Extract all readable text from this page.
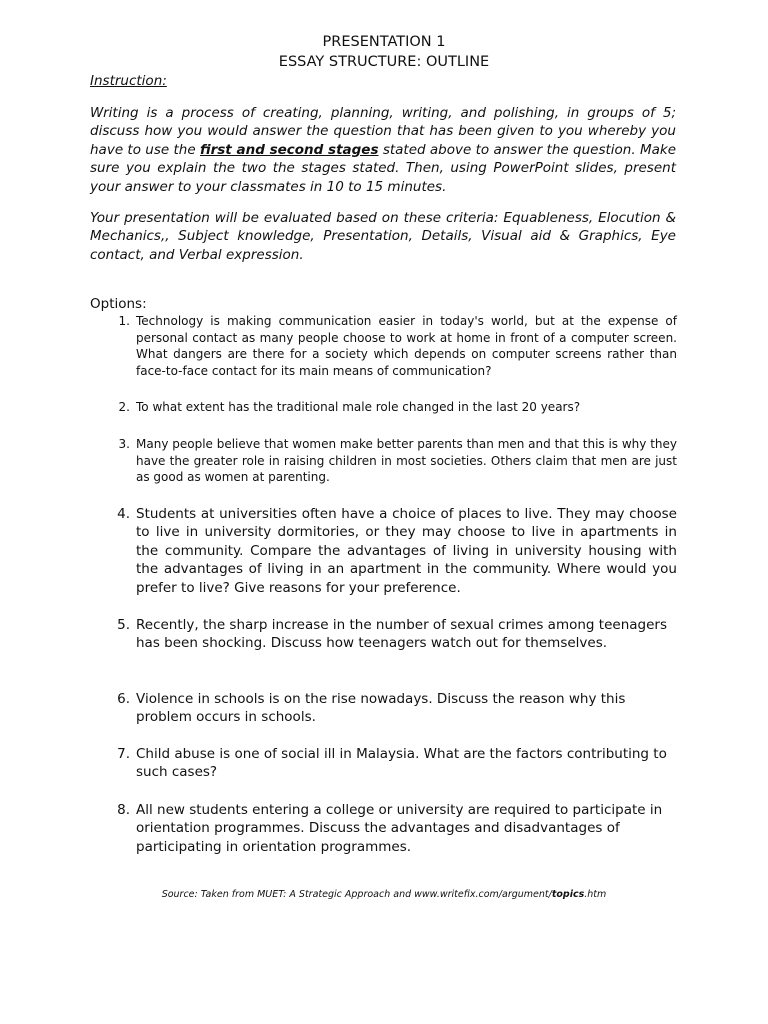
PRESENTATION 1
ESSAY STRUCTURE: OUTLINE
Instruction:

Writing is a process of creating, planning, writing, and polishing, in groups of 5; discuss how you would answer the question that has been given to you whereby you have to use the first and second stages stated above to answer the question. Make sure you explain the two the stages stated. Then, using PowerPoint slides, present your answer to your classmates in 10 to 15 minutes.

Your presentation will be evaluated based on these criteria: Equableness, Elocution & Mechanics,, Subject knowledge, Presentation, Details, Visual aid & Graphics, Eye contact, and Verbal expression.

Options:
1. Technology is making communication easier in today's world, but at the expense of personal contact as many people choose to work at home in front of a computer screen. What dangers are there for a society which depends on computer screens rather than face-to-face contact for its main means of communication?
2. To what extent has the traditional male role changed in the last 20 years?
3. Many people believe that women make better parents than men and that this is why they have the greater role in raising children in most societies. Others claim that men are just as good as women at parenting.
4. Students at universities often have a choice of places to live. They may choose to live in university dormitories, or they may choose to live in apartments in the community. Compare the advantages of living in university housing with the advantages of living in an apartment in the community. Where would you prefer to live? Give reasons for your preference.
5. Recently, the sharp increase in the number of sexual crimes among teenagers has been shocking. Discuss how teenagers watch out for themselves.
6. Violence in schools is on the rise nowadays. Discuss the reason why this problem occurs in schools.
7. Child abuse is one of social ill in Malaysia. What are the factors contributing to such cases?
8. All new students entering a college or university are required to participate in orientation programmes. Discuss the advantages and disadvantages of participating in orientation programmes.
Source: Taken from MUET: A Strategic Approach and www.writefix.com/argument/topics.htm
